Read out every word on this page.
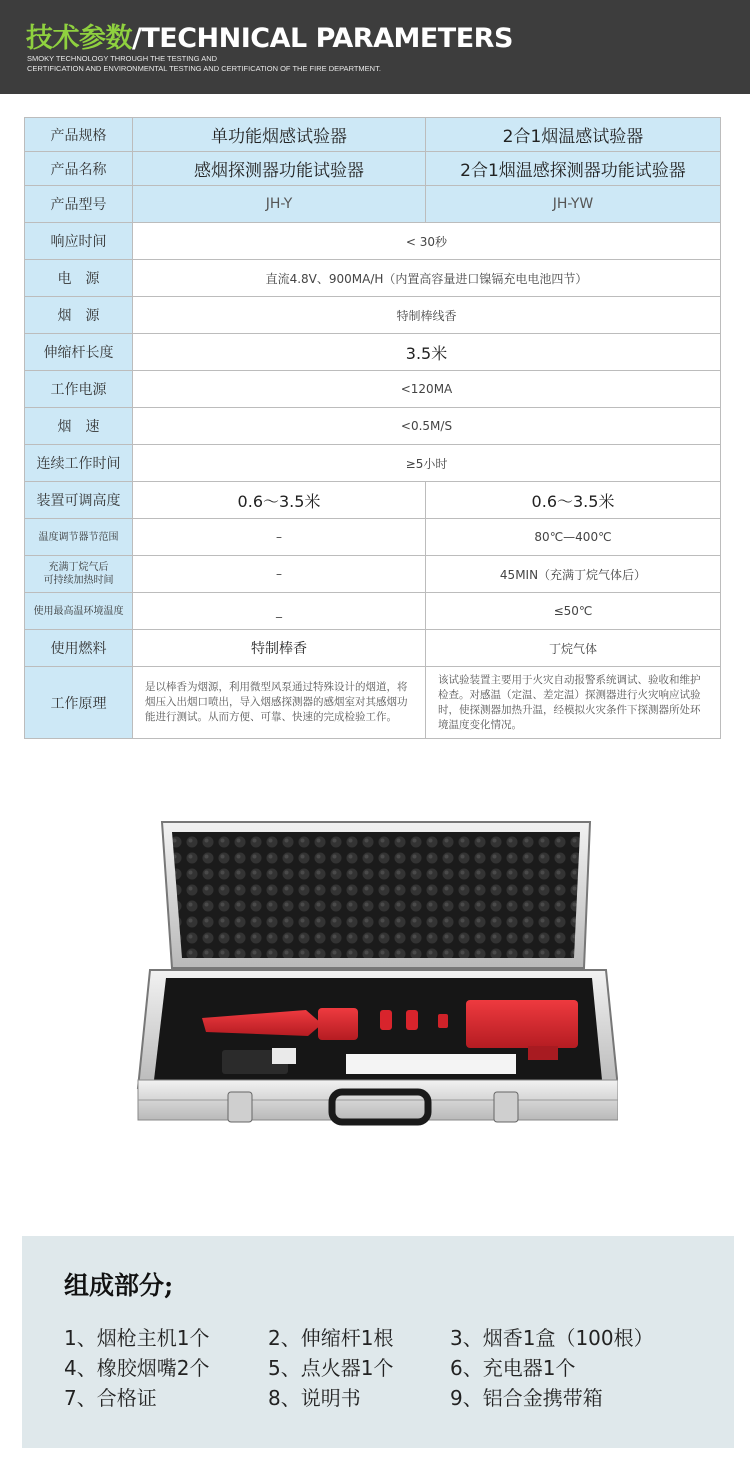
技术参数/TECHNICAL PARAMETERS
SMOKY TECHNOLOGY THROUGH THE TESTING AND
CERTIFICATION AND ENVIRONMENTAL TESTING AND CERTIFICATION OF THE FIRE DEPARTMENT.
产品规格	单功能烟感试验器	2合1烟温感试验器
产品名称	感烟探测器功能试验器	2合1烟温感探测器功能试验器
产品型号	JH-Y	JH-YW
响应时间	< 30秒	
电　源	直流4.8V、900MA/H（内置高容量进口镍镉充电电池四节）	
烟　源	特制棒线香	
伸缩杆长度	3.5米	
工作电源	<120MA	
烟　速	<0.5M/S	
连续工作时间	≥5小时	
装置可调高度	0.6～3.5米	0.6～3.5米
温度调节器节范围	–	80℃—400℃
充满丁烷气后
可持续加热时间	–	45MIN（充满丁烷气体后）
使用最高温环境温度	_	≤50℃
使用燃料	特制棒香	丁烷气体
工作原理	是以棒香为烟源，利用微型风泵通过特殊设计的烟道，将烟压入出烟口喷出，导入烟感探测器的感烟室对其感烟功能进行测试。从而方便、可靠、快速的完成检验工作。	该试验装置主要用于火灾自动报警系统调试、验收和维护检查。对感温（定温、差定温）探测器进行火灾响应试验时，使探测器加热升温，经模拟火灾条件下探测器所处环境温度变化情况。
组成部分;
1、烟枪主机1个	2、伸缩杆1根	3、烟香1盒（100根）
4、橡胶烟嘴2个	5、点火器1个	6、充电器1个
7、合格证	8、说明书	9、铝合金携带箱
